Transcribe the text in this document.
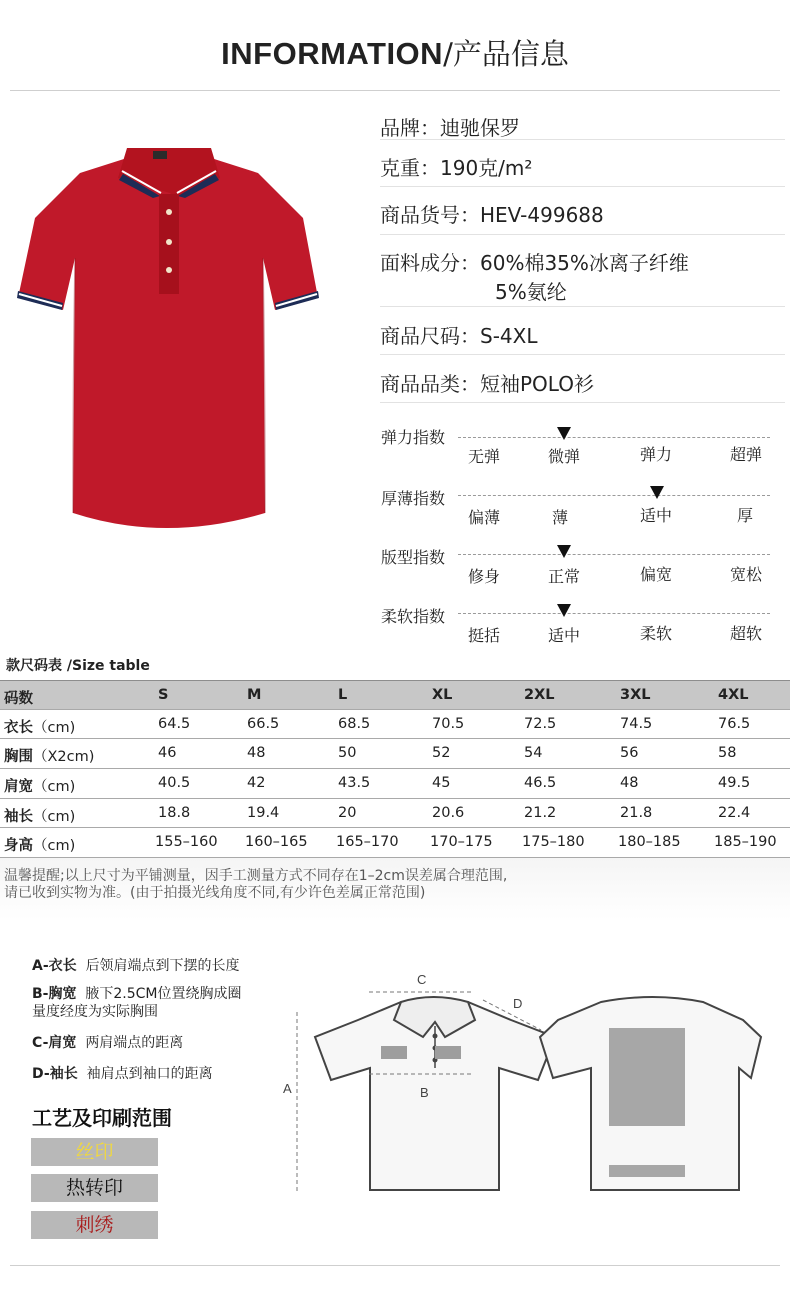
INFORMATION/产品信息
品牌：迪驰保罗
克重：190克/m²
商品货号：HEV-499688
面料成分：60%棉35%冰离子纤维
5%氨纶
商品尺码：S-4XL
商品品类：短袖POLO衫
弹力指数
无弹	微弹	弹力	超弹
厚薄指数
偏薄	薄	适中	厚
版型指数
修身	正常	偏宽	宽松
柔软指数
挺括	适中	柔软	超软
款尺码表 /Size table
码数	S	M	L	XL	2XL	3XL	4XL
衣长（cm)	64.5	66.5	68.5	70.5	72.5	74.5	76.5
胸围（X2cm)	46	48	50	52	54	56	58
肩宽（cm)	40.5	42	43.5	45	46.5	48	49.5
袖长（cm)	18.8	19.4	20	20.6	21.2	21.8	22.4
身高（cm)	155–160 160–165 165–170 170–175 175–180 180–185 185–190
温馨提醒;以上尺寸为平铺测量，因手工测量方式不同存在1–2cm误差属合理范围,
请已收到实物为准。(由于拍摄光线角度不同,有少许色差属正常范围)
A-衣长 后领肩端点到下摆的长度
B-胸宽 腋下2.5CM位置绕胸成圈
量度经度为实际胸围
C-肩宽 两肩端点的距离
D-袖长 袖肩点到袖口的距离
工艺及印刷范围
丝印
热转印
刺绣
C
B
A
D
